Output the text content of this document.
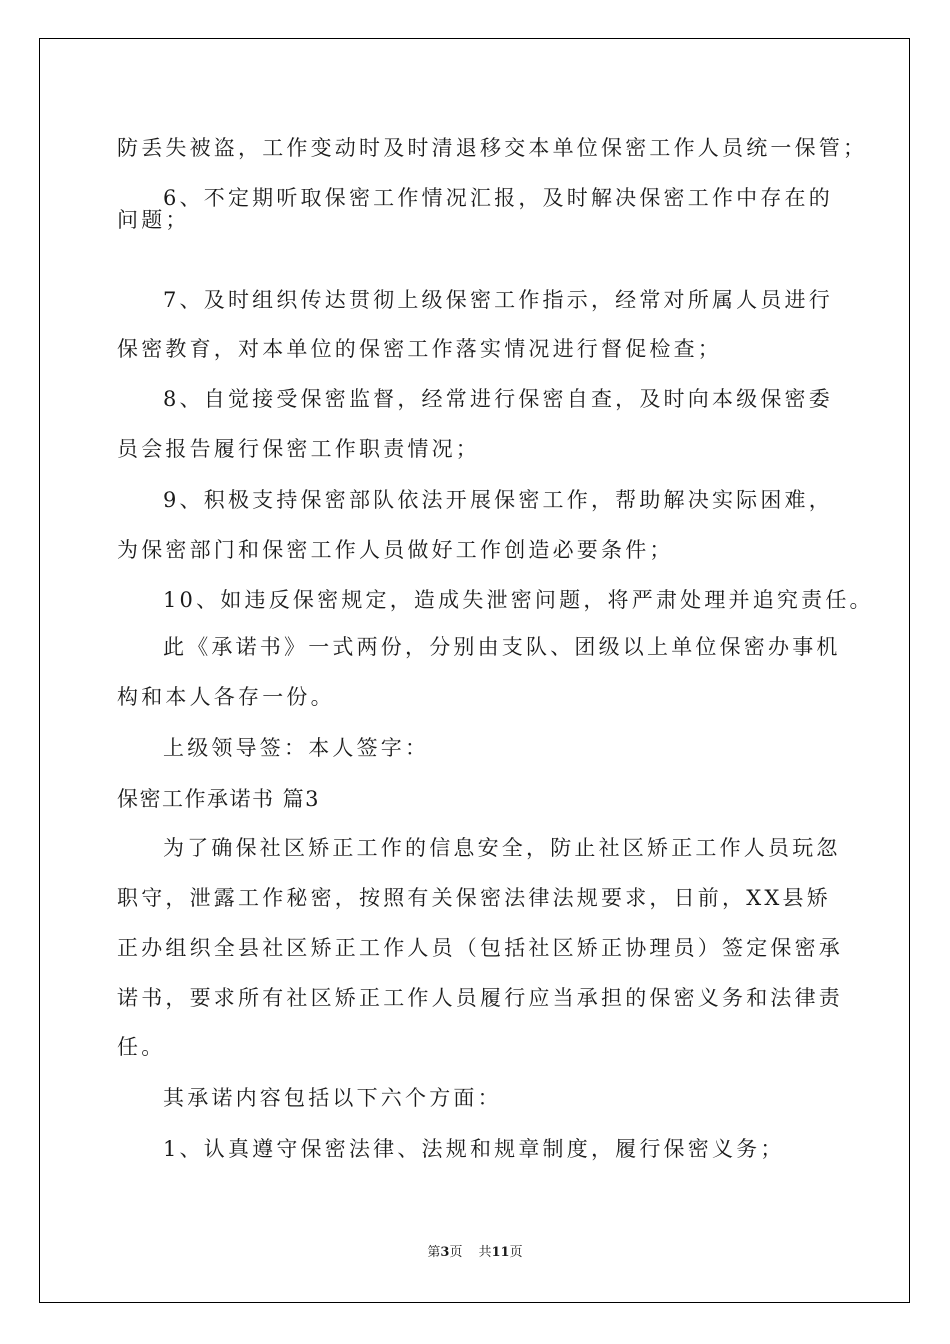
防丢失被盗，工作变动时及时清退移交本单位保密工作人员统一保管；
6、不定期听取保密工作情况汇报，及时解决保密工作中存在的
问题；
7、及时组织传达贯彻上级保密工作指示，经常对所属人员进行
保密教育，对本单位的保密工作落实情况进行督促检查；
8、自觉接受保密监督，经常进行保密自查，及时向本级保密委
员会报告履行保密工作职责情况；
9、积极支持保密部队依法开展保密工作，帮助解决实际困难，
为保密部门和保密工作人员做好工作创造必要条件；
10、如违反保密规定，造成失泄密问题，将严肃处理并追究责任。
此《承诺书》一式两份，分别由支队、团级以上单位保密办事机
构和本人各存一份。
上级领导签：本人签字：
保密工作承诺书 篇3
为了确保社区矫正工作的信息安全，防止社区矫正工作人员玩忽
职守，泄露工作秘密，按照有关保密法律法规要求，日前，XX县矫
正办组织全县社区矫正工作人员（包括社区矫正协理员）签定保密承
诺书，要求所有社区矫正工作人员履行应当承担的保密义务和法律责
任。
其承诺内容包括以下六个方面：
1、认真遵守保密法律、法规和规章制度，履行保密义务；
第3页 共11页
